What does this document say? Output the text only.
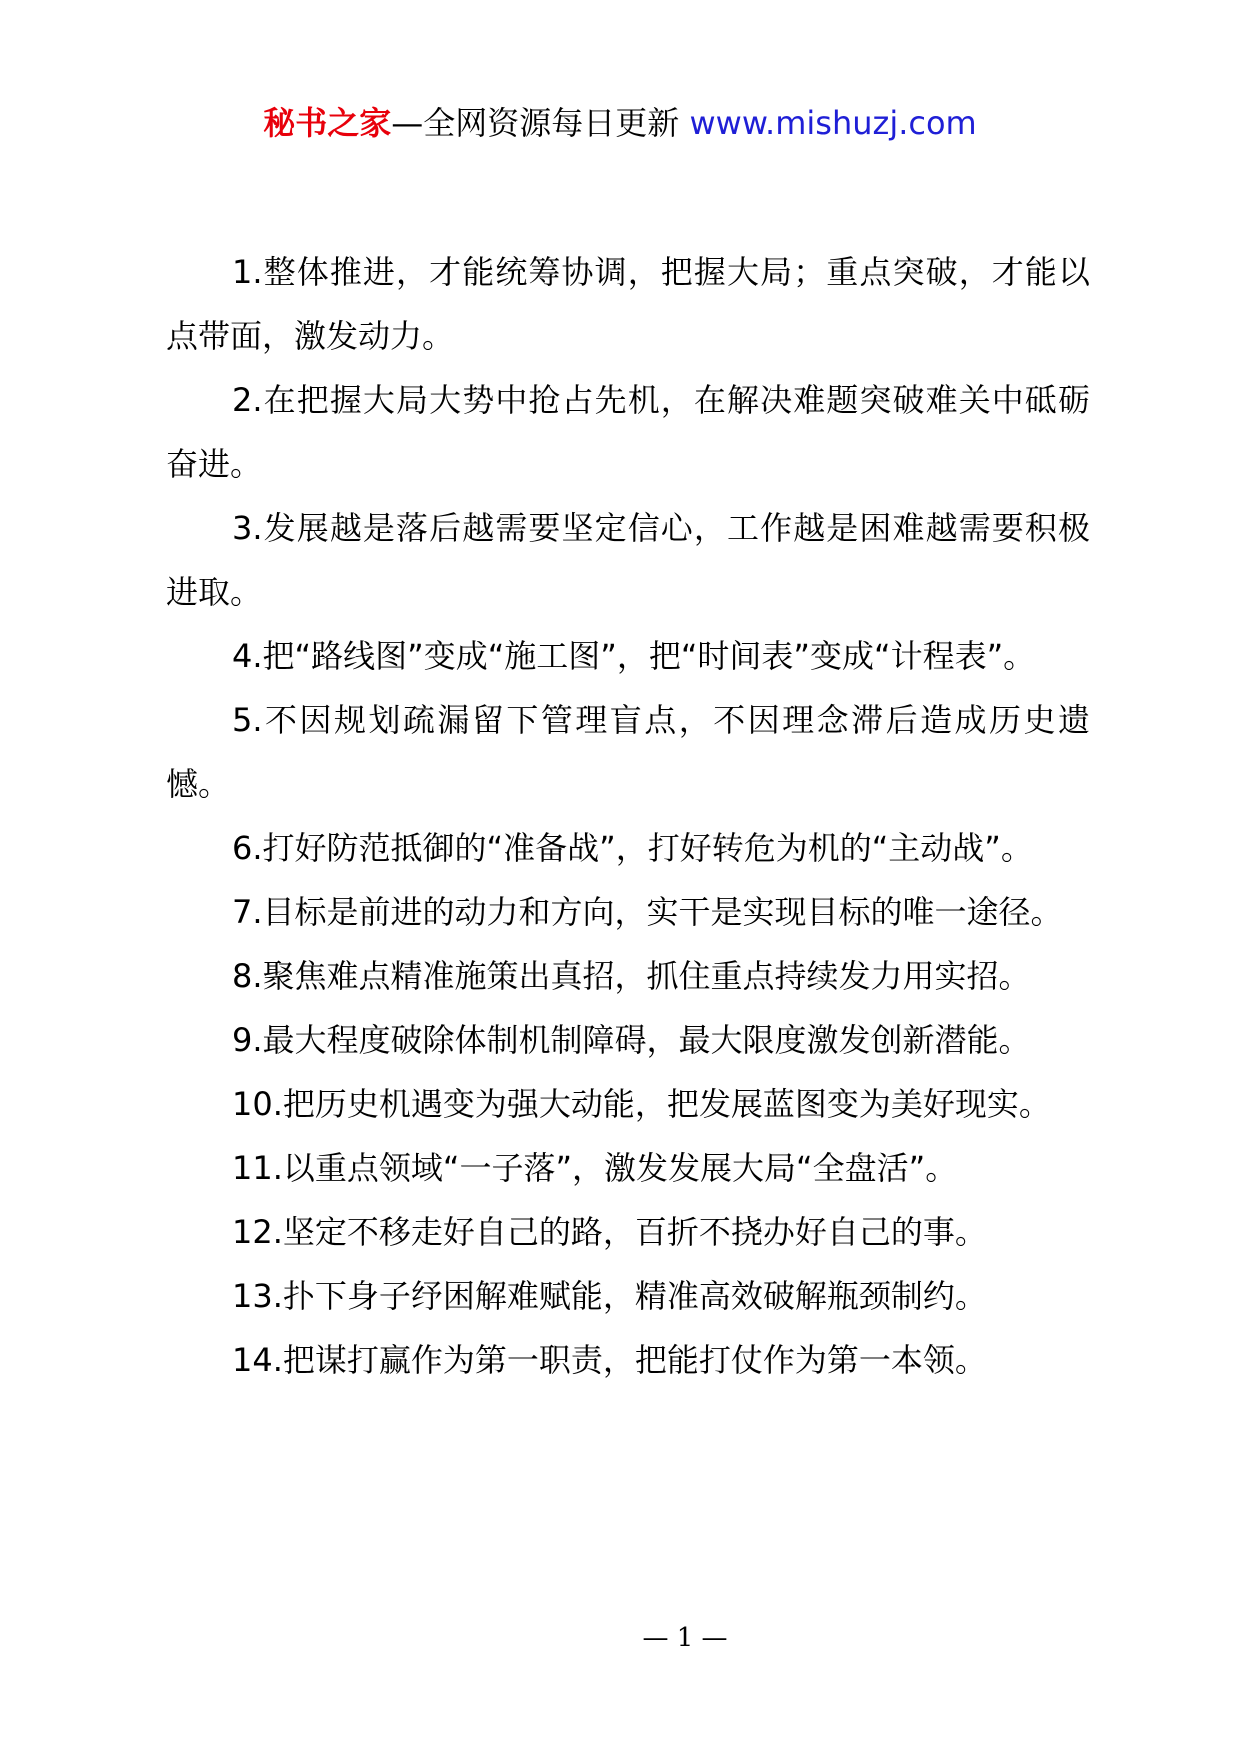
秘书之家—全网资源每日更新 www.mishuzj.com

1.整体推进，才能统筹协调，把握大局；重点突破，才能以点带面，激发动力。

2.在把握大局大势中抢占先机，在解决难题突破难关中砥砺奋进。

3.发展越是落后越需要坚定信心，工作越是困难越需要积极进取。

4.把“路线图”变成“施工图”，把“时间表”变成“计程表”。

5.不因规划疏漏留下管理盲点，不因理念滞后造成历史遗憾。

6.打好防范抵御的“准备战”，打好转危为机的“主动战”。

7.目标是前进的动力和方向，实干是实现目标的唯一途径。

8.聚焦难点精准施策出真招，抓住重点持续发力用实招。

9.最大程度破除体制机制障碍，最大限度激发创新潜能。

10.把历史机遇变为强大动能，把发展蓝图变为美好现实。

11.以重点领域“一子落”，激发发展大局“全盘活”。

12.坚定不移走好自己的路，百折不挠办好自己的事。

13.扑下身子纾困解难赋能，精准高效破解瓶颈制约。

14.把谋打赢作为第一职责，把能打仗作为第一本领。

— 1 —
